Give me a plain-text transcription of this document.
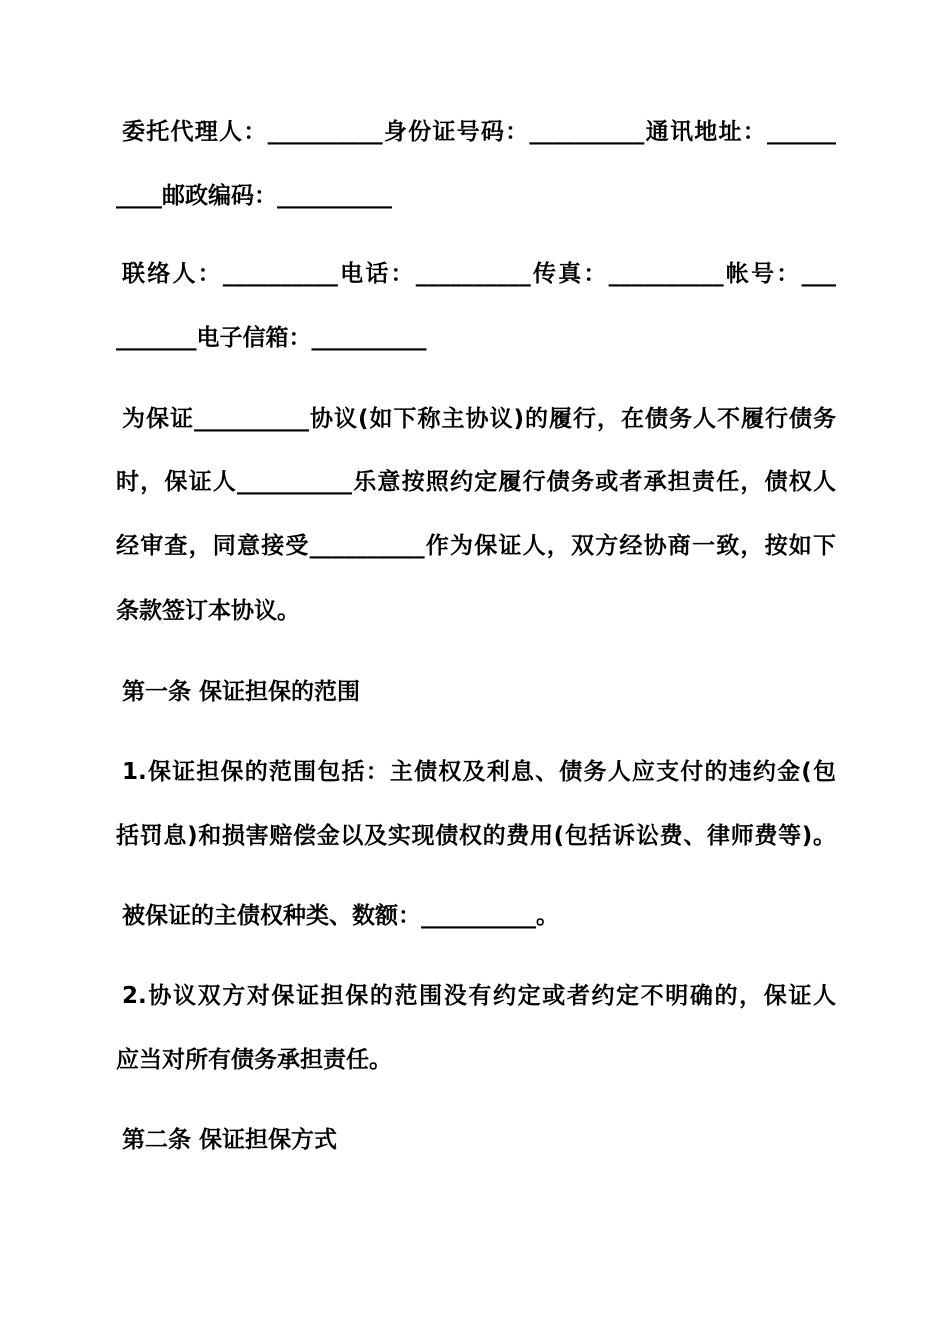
委托代理人：__________身份证号码：__________通讯地址：______
____邮政编码：__________
联络人：__________电话：__________传真：__________帐号：___
_______电子信箱：__________
为保证__________协议(如下称主协议)的履行，在债务人不履行债务
时，保证人__________乐意按照约定履行债务或者承担责任，债权人
经审查，同意接受__________作为保证人，双方经协商一致，按如下
条款签订本协议。
第一条 保证担保的范围
1.保证担保的范围包括：主债权及利息、债务人应支付的违约金(包
括罚息)和损害赔偿金以及实现债权的费用(包括诉讼费、律师费等)。
被保证的主债权种类、数额：__________。
2.协议双方对保证担保的范围没有约定或者约定不明确的，保证人
应当对所有债务承担责任。
第二条 保证担保方式
